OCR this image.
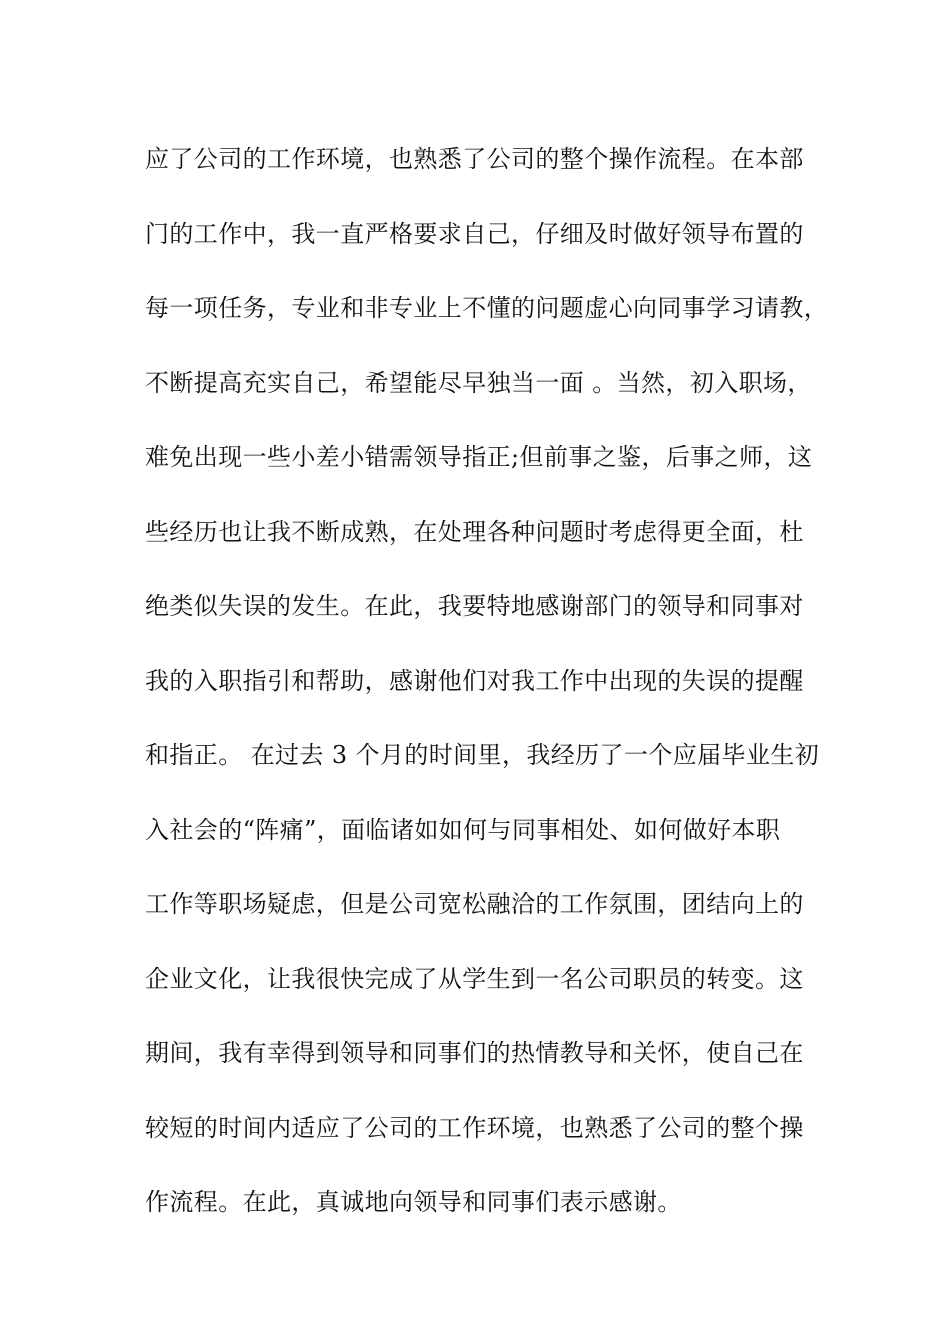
应了公司的工作环境，也熟悉了公司的整个操作流程。在本部
门的工作中，我一直严格要求自己，仔细及时做好领导布置的
每一项任务，专业和非专业上不懂的问题虚心向同事学习请教，
不断提高充实自己，希望能尽早独当一面 。当然，初入职场，
难免出现一些小差小错需领导指正;但前事之鉴，后事之师，这
些经历也让我不断成熟，在处理各种问题时考虑得更全面，杜
绝类似失误的发生。在此，我要特地感谢部门的领导和同事对
我的入职指引和帮助，感谢他们对我工作中出现的失误的提醒
和指正。 在过去 3 个月的时间里，我经历了一个应届毕业生初
入社会的“阵痛”，面临诸如如何与同事相处、如何做好本职
工作等职场疑虑，但是公司宽松融洽的工作氛围，团结向上的
企业文化，让我很快完成了从学生到一名公司职员的转变。这
期间，我有幸得到领导和同事们的热情教导和关怀，使自己在
较短的时间内适应了公司的工作环境，也熟悉了公司的整个操
作流程。在此，真诚地向领导和同事们表示感谢。
